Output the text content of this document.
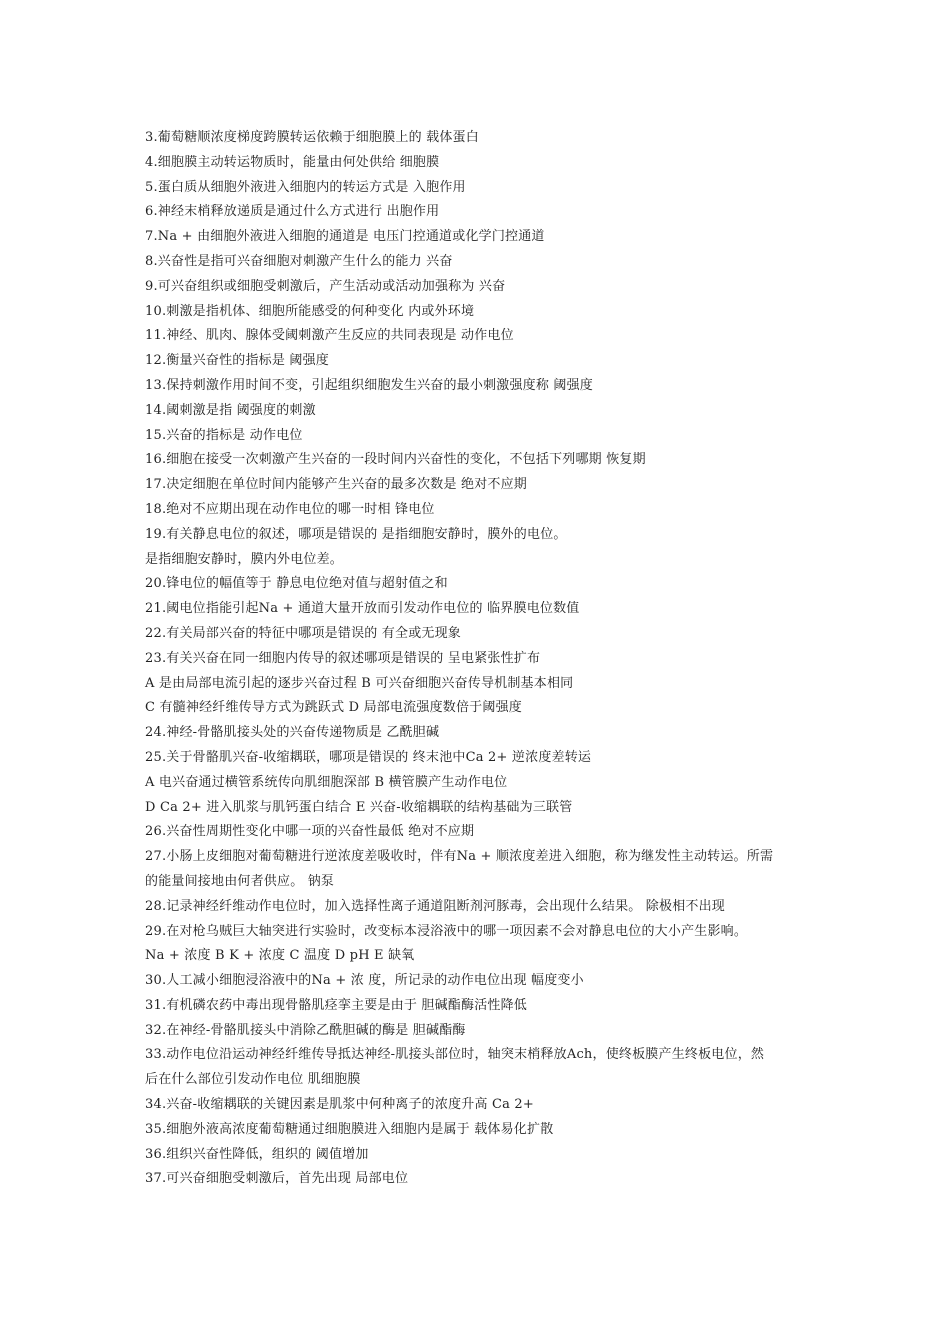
3.葡萄糖顺浓度梯度跨膜转运依赖于细胞膜上的 载体蛋白
4.细胞膜主动转运物质时，能量由何处供给 细胞膜
5.蛋白质从细胞外液进入细胞内的转运方式是 入胞作用
6.神经末梢释放递质是通过什么方式进行 出胞作用
7.Na + 由细胞外液进入细胞的通道是 电压门控通道或化学门控通道
8.兴奋性是指可兴奋细胞对刺激产生什么的能力 兴奋
9.可兴奋组织或细胞受刺激后，产生活动或活动加强称为 兴奋
10.刺激是指机体、细胞所能感受的何种变化 内或外环境
11.神经、肌肉、腺体受阈刺激产生反应的共同表现是 动作电位
12.衡量兴奋性的指标是 阈强度
13.保持刺激作用时间不变，引起组织细胞发生兴奋的最小刺激强度称 阈强度
14.阈刺激是指 阈强度的刺激
15.兴奋的指标是 动作电位
16.细胞在接受一次刺激产生兴奋的一段时间内兴奋性的变化，不包括下列哪期 恢复期
17.决定细胞在单位时间内能够产生兴奋的最多次数是 绝对不应期
18.绝对不应期出现在动作电位的哪一时相 锋电位
19.有关静息电位的叙述，哪项是错误的 是指细胞安静时，膜外的电位。
是指细胞安静时，膜内外电位差。
20.锋电位的幅值等于 静息电位绝对值与超射值之和
21.阈电位指能引起Na + 通道大量开放而引发动作电位的 临界膜电位数值
22.有关局部兴奋的特征中哪项是错误的 有全或无现象
23.有关兴奋在同一细胞内传导的叙述哪项是错误的 呈电紧张性扩布
A 是由局部电流引起的逐步兴奋过程 B 可兴奋细胞兴奋传导机制基本相同
C 有髓神经纤维传导方式为跳跃式 D 局部电流强度数倍于阈强度
24.神经-骨骼肌接头处的兴奋传递物质是 乙酰胆碱
25.关于骨骼肌兴奋-收缩耦联，哪项是错误的 终末池中Ca 2+ 逆浓度差转运
A 电兴奋通过横管系统传向肌细胞深部 B 横管膜产生动作电位
D Ca 2+ 进入肌浆与肌钙蛋白结合 E 兴奋-收缩耦联的结构基础为三联管
26.兴奋性周期性变化中哪一项的兴奋性最低 绝对不应期
27.小肠上皮细胞对葡萄糖进行逆浓度差吸收时，伴有Na + 顺浓度差进入细胞，称为继发性主动转运。所需
的能量间接地由何者供应。 钠泵
28.记录神经纤维动作电位时，加入选择性离子通道阻断剂河豚毒，会出现什么结果。 除极相不出现
29.在对枪乌贼巨大轴突进行实验时，改变标本浸浴液中的哪一项因素不会对静息电位的大小产生影响。
Na + 浓度 B K + 浓度 C 温度 D pH E 缺氧
30.人工减小细胞浸浴液中的Na + 浓 度，所记录的动作电位出现 幅度变小
31.有机磷农药中毒出现骨骼肌痉挛主要是由于 胆碱酯酶活性降低
32.在神经-骨骼肌接头中消除乙酰胆碱的酶是 胆碱酯酶
33.动作电位沿运动神经纤维传导抵达神经-肌接头部位时，轴突末梢释放Ach，使终板膜产生终板电位，然
后在什么部位引发动作电位 肌细胞膜
34.兴奋-收缩耦联的关键因素是肌浆中何种离子的浓度升高 Ca 2+
35.细胞外液高浓度葡萄糖通过细胞膜进入细胞内是属于 载体易化扩散
36.组织兴奋性降低，组织的 阈值增加
37.可兴奋细胞受刺激后，首先出现 局部电位
